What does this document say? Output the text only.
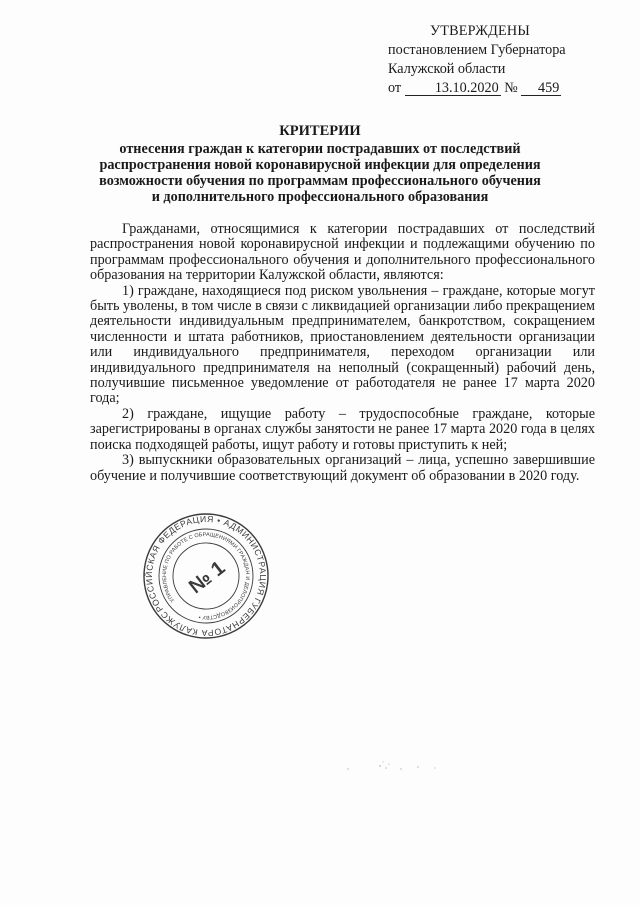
УТВЕРЖДЕНЫ
постановлением Губернатора
Калужской области
от 13.10.2020 № 459
КРИТЕРИИ
отнесения граждан к категории пострадавших от последствий
распространения новой коронавирусной инфекции для определения
возможности обучения по программам профессионального обучения
и дополнительного профессионального образования

Гражданами, относящимися к категории пострадавших от последствий распространения новой коронавирусной инфекции и подлежащими обучению по программам профессионального обучения и дополнительного профессионального образования на территории Калужской области, являются:

1) граждане, находящиеся под риском увольнения – граждане, которые могут быть уволены, в том числе в связи с ликвидацией организации либо прекращением деятельности индивидуальным предпринимателем, банкротством, сокращением численности и штата работников, приостановлением деятельности организации или индивидуального предпринимателя, переходом организации или индивидуального предпринимателя на неполный (сокращенный) рабочий день, получившие письменное уведомление от работодателя не ранее 17 марта 2020 года;

2) граждане, ищущие работу – трудоспособные граждане, которые зарегистрированы в органах службы занятости не ранее 17 марта 2020 года в целях поиска подходящей работы, ищут работу и готовы приступить к ней;

3) выпускники образовательных организаций – лица, успешно завершившие обучение и получившие соответствующий документ об образовании в 2020 году.

РОССИЙСКАЯ ФЕДЕРАЦИЯ • АДМИНИСТРАЦИЯ ГУБЕРНАТОРА КАЛУЖСКОЙ
УПРАВЛЕНИЕ ПО РАБОТЕ С ОБРАЩЕНИЯМИ ГРАЖДАН И ДЕЛОПРОИЗВОДСТВУ •
№ 1
